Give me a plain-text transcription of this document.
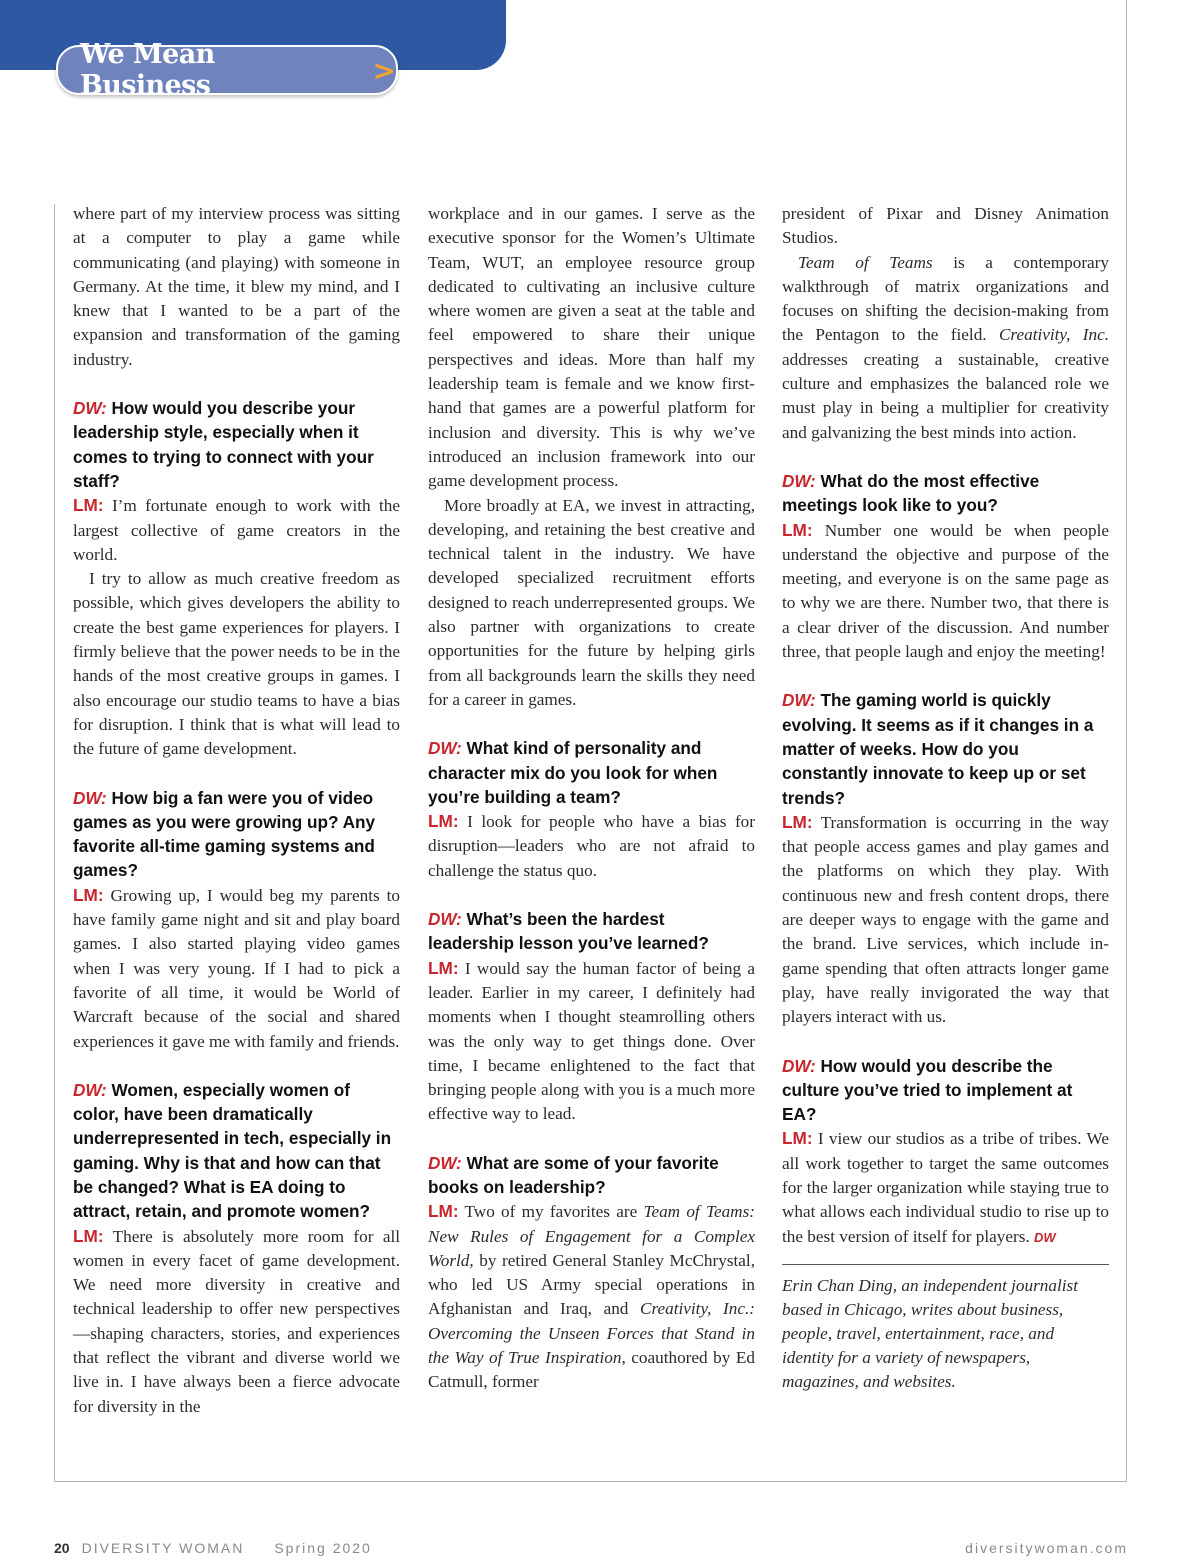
We Mean Business	>

where part of my interview process was sitting at a computer to play a game while communicating (and playing) with someone in Germany. At the time, it blew my mind, and I knew that I wanted to be a part of the expansion and transformation of the gaming industry.

DW: How would you describe your leadership style, especially when it comes to trying to connect with your staff?

LM: I’m fortunate enough to work with the largest collective of game creators in the world.

I try to allow as much creative freedom as possible, which gives developers the ability to create the best game experiences for players. I firmly believe that the power needs to be in the hands of the most creative groups in games. I also encourage our studio teams to have a bias for disruption. I think that is what will lead to the future of game development.

DW: How big a fan were you of video games as you were growing up? Any favorite all-time gaming systems and games?

LM: Growing up, I would beg my parents to have family game night and sit and play board games. I also started playing video games when I was very young. If I had to pick a favorite of all time, it would be World of Warcraft because of the social and shared experiences it gave me with family and friends.

DW: Women, especially women of color, have been dramatically underrepresented in tech, especially in gaming. Why is that and how can that be changed? What is EA doing to attract, retain, and promote women?

LM: There is absolutely more room for all women in every facet of game development. We need more diversity in creative and technical leadership to offer new perspectives—shaping characters, stories, and experiences that reflect the vibrant and diverse world we live in. I have always been a fierce advocate for diversity in the

workplace and in our games. I serve as the executive sponsor for the Women’s Ultimate Team, WUT, an employee resource group dedicated to cultivating an inclusive culture where women are given a seat at the table and feel empowered to share their unique perspectives and ideas. More than half my leadership team is female and we know first-hand that games are a powerful platform for inclusion and diversity. This is why we’ve introduced an inclusion framework into our game development process.

More broadly at EA, we invest in attracting, developing, and retaining the best creative and technical talent in the industry. We have developed specialized recruitment efforts designed to reach underrepresented groups. We also partner with organizations to create opportunities for the future by helping girls from all backgrounds learn the skills they need for a career in games.

DW: What kind of personality and character mix do you look for when you’re building a team?

LM: I look for people who have a bias for disruption—leaders who are not afraid to challenge the status quo.

DW: What’s been the hardest leadership lesson you’ve learned?

LM: I would say the human factor of being a leader. Earlier in my career, I definitely had moments when I thought steamrolling others was the only way to get things done. Over time, I became enlightened to the fact that bringing people along with you is a much more effective way to lead.

DW: What are some of your favorite books on leadership?

LM: Two of my favorites are Team of Teams: New Rules of Engagement for a Complex World, by retired General Stanley McChrystal, who led US Army special operations in Afghanistan and Iraq, and Creativity, Inc.: Overcoming the Unseen Forces that Stand in the Way of True Inspiration, coauthored by Ed Catmull, former

president of Pixar and Disney Animation Studios.

Team of Teams is a contemporary walkthrough of matrix organizations and focuses on shifting the decision-making from the Pentagon to the field. Creativity, Inc. addresses creating a sustainable, creative culture and emphasizes the balanced role we must play in being a multiplier for creativity and galvanizing the best minds into action.

DW: What do the most effective meetings look like to you?

LM: Number one would be when people understand the objective and purpose of the meeting, and everyone is on the same page as to why we are there. Number two, that there is a clear driver of the discussion. And number three, that people laugh and enjoy the meeting!

DW: The gaming world is quickly evolving. It seems as if it changes in a matter of weeks. How do you constantly innovate to keep up or set trends?

LM: Transformation is occurring in the way that people access games and play games and the platforms on which they play. With continuous new and fresh content drops, there are deeper ways to engage with the game and the brand. Live services, which include in-game spending that often attracts longer game play, have really invigorated the way that players interact with us.

DW: How would you describe the culture you’ve tried to implement at EA?

LM: I view our studios as a tribe of tribes. We all work together to target the same outcomes for the larger organization while staying true to what allows each individual studio to rise up to the best version of itself for players. DW

Erin Chan Ding, an independent journalist based in Chicago, writes about business, people, travel, entertainment, race, and identity for a variety of newspapers, magazines, and websites.

20 DIVERSITY WOMAN Spring 2020	diversitywoman.com
